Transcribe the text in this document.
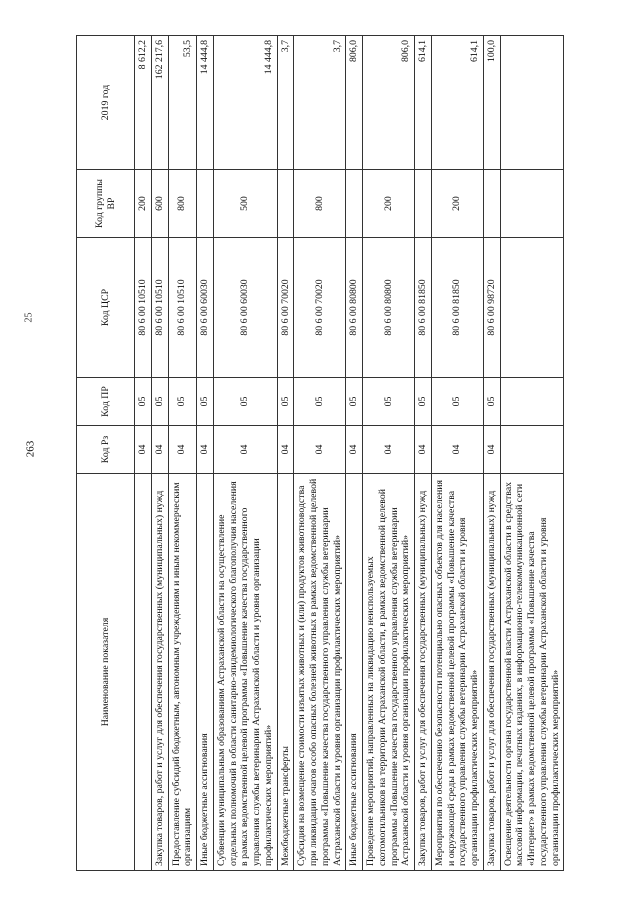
263
25
Наименование показателя	Код Рз	Код ПР	Код ЦСР	Код группы ВР	2019 год
	04	05	80 6 00 10510	200	8 612,2
Закупка товаров, работ и услуг для обеспечения государственных (муниципальных) нужд	04	05	80 6 00 10510	600	162 217,6
Предоставление субсидий бюджетным, автономным учреждениям и иным некоммерческим организациям	04	05	80 6 00 10510	800	53,5
Иные бюджетные ассигнования	04	05	80 6 00 60030		14 444,8
Субвенции муниципальным образованиям Астраханской области на осуществление отдельных полномочий в области санитарно-эпидемиологического благополучия населения в рамках ведомственной целевой программы «Повышение качества государственного управления службы ветеринарии Астраханской области и уровня организации профилактических мероприятий»	04	05	80 6 00 60030	500	14 444,8
Межбюджетные трансферты	04	05	80 6 00 70020		3,7
Субсидия на возмещение стоимости изъятых животных и (или) продуктов животноводства при ликвидации очагов особо опасных болезней животных в рамках ведомственной целевой программы «Повышение качества государственного управления службы ветеринарии Астраханской области и уровня организации профилактических мероприятий»	04	05	80 6 00 70020	800	3,7
Иные бюджетные ассигнования	04	05	80 6 00 80800		806,0
Проведение мероприятий, направленных на ликвидацию неиспользуемых скотомогильников на территории Астраханской области, в рамках ведомственной целевой программы «Повышение качества государственного управления службы ветеринарии Астраханской области и уровня организации профилактических мероприятий»	04	05	80 6 00 80800	200	806,0
Закупка товаров, работ и услуг для обеспечения государственных (муниципальных) нужд	04	05	80 6 00 81850		614,1
Мероприятия по обеспечению безопасности потенциально опасных объектов для населения и окружающей среды в рамках ведомственной целевой программы «Повышение качества государственного управления службы ветеринарии Астраханской области и уровня организации профилактических мероприятий»	04	05	80 6 00 81850	200	614,1
Закупка товаров, работ и услуг для обеспечения государственных (муниципальных) нужд	04	05	80 6 00 98720		100,0
Освещение деятельности органа государственной власти Астраханской области в средствах массовой информации, печатных изданиях, в информационно-телекоммуникационной сети «Интернет» в рамках ведомственной целевой программы «Повышение качества государственного управления службы ветеринарии Астраханской области и уровня организации профилактических мероприятий»					
